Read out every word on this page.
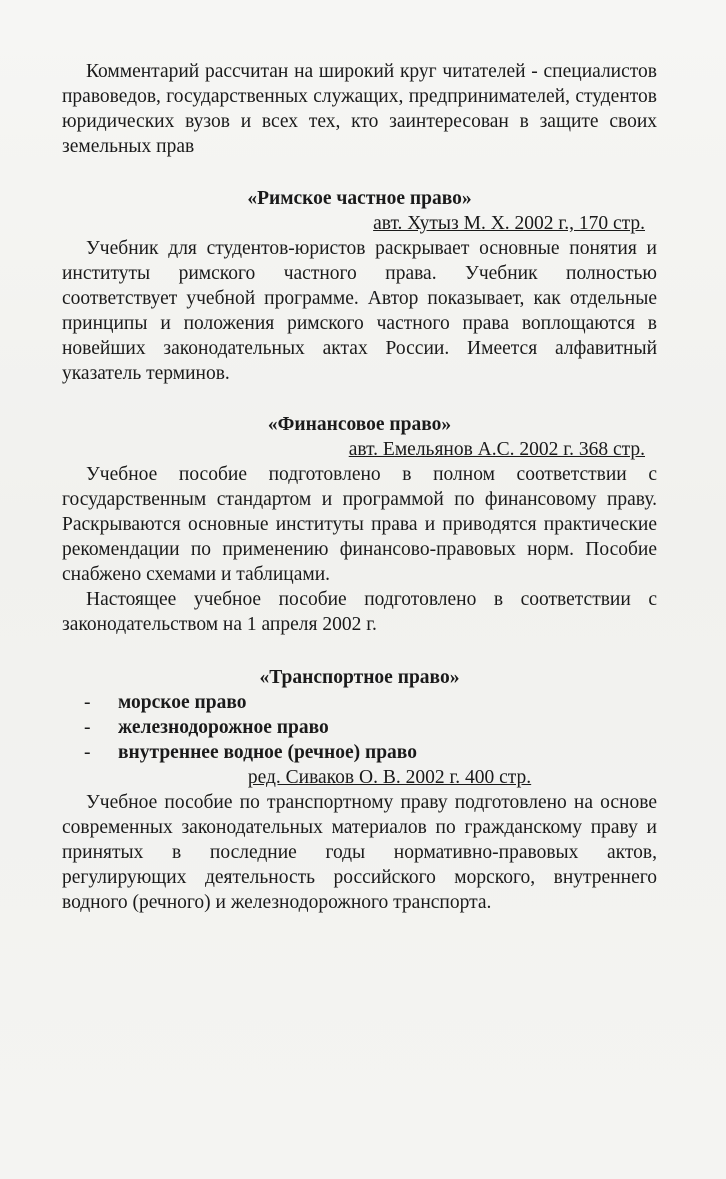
Комментарий рассчитан на широкий круг читателей - специалистов правоведов, государственных служащих, предпринимателей, студентов юридических вузов и всех тех, кто заинтересован в защите своих земельных прав

«Римское частное право»

авт. Хутыз М. Х. 2002 г., 170 стр.

Учебник для студентов-юристов раскрывает основные понятия и институты римского частного права. Учебник полностью соответствует учебной программе. Автор показывает, как отдельные принципы и положения римского частного права воплощаются в новейших законодательных актах России. Имеется алфавитный указатель терминов.

«Финансовое право»

авт. Емельянов А.С. 2002 г. 368 стр.

Учебное пособие подготовлено в полном соответствии с государственным стандартом и программой по финансовому праву. Раскрываются основные институты права и приводятся практические рекомендации по применению финансово-правовых норм. Пособие снабжено схемами и таблицами.

Настоящее учебное пособие подготовлено в соответствии с законодательством на 1 апреля 2002 г.

«Транспортное право»

- морское право
- железнодорожное право
- внутреннее водное (речное) право

ред. Сиваков О. В. 2002 г. 400 стр.

Учебное пособие по транспортному праву подготовлено на основе современных законодательных материалов по гражданскому праву и принятых в последние годы нормативно-правовых актов, регулирующих деятельность российского морского, внутреннего водного (речного) и железнодорожного транспорта.
